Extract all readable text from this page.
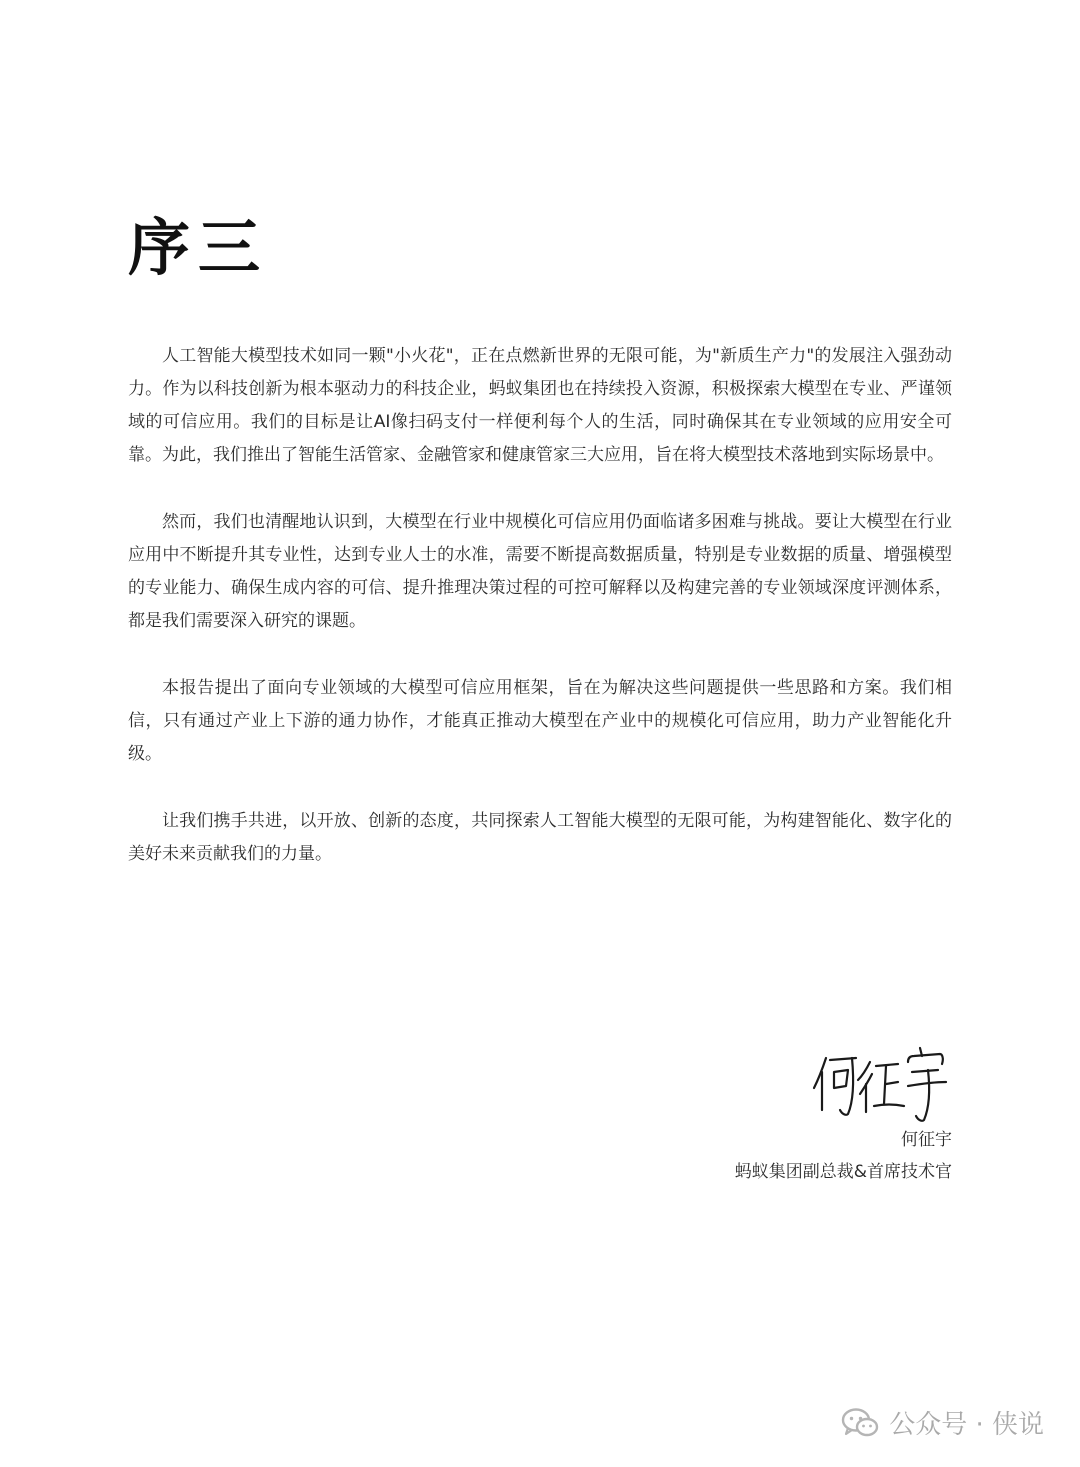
序三

人工智能大模型技术如同一颗"小火花"，正在点燃新世界的无限可能，为"新质生产力"的发展注入强劲动力。作为以科技创新为根本驱动力的科技企业，蚂蚁集团也在持续投入资源，积极探索大模型在专业、严谨领域的可信应用。我们的目标是让AI像扫码支付一样便利每个人的生活，同时确保其在专业领域的应用安全可靠。为此，我们推出了智能生活管家、金融管家和健康管家三大应用，旨在将大模型技术落地到实际场景中。

然而，我们也清醒地认识到，大模型在行业中规模化可信应用仍面临诸多困难与挑战。要让大模型在行业应用中不断提升其专业性，达到专业人士的水准，需要不断提高数据质量，特别是专业数据的质量、增强模型的专业能力、确保生成内容的可信、提升推理决策过程的可控可解释以及构建完善的专业领域深度评测体系，都是我们需要深入研究的课题。

本报告提出了面向专业领域的大模型可信应用框架，旨在为解决这些问题提供一些思路和方案。我们相信，只有通过产业上下游的通力协作，才能真正推动大模型在产业中的规模化可信应用，助力产业智能化升级。

让我们携手共进，以开放、创新的态度，共同探索人工智能大模型的无限可能，为构建智能化、数字化的美好未来贡献我们的力量。

何征宇
蚂蚁集团副总裁&首席技术官
公众号 · 侠说
